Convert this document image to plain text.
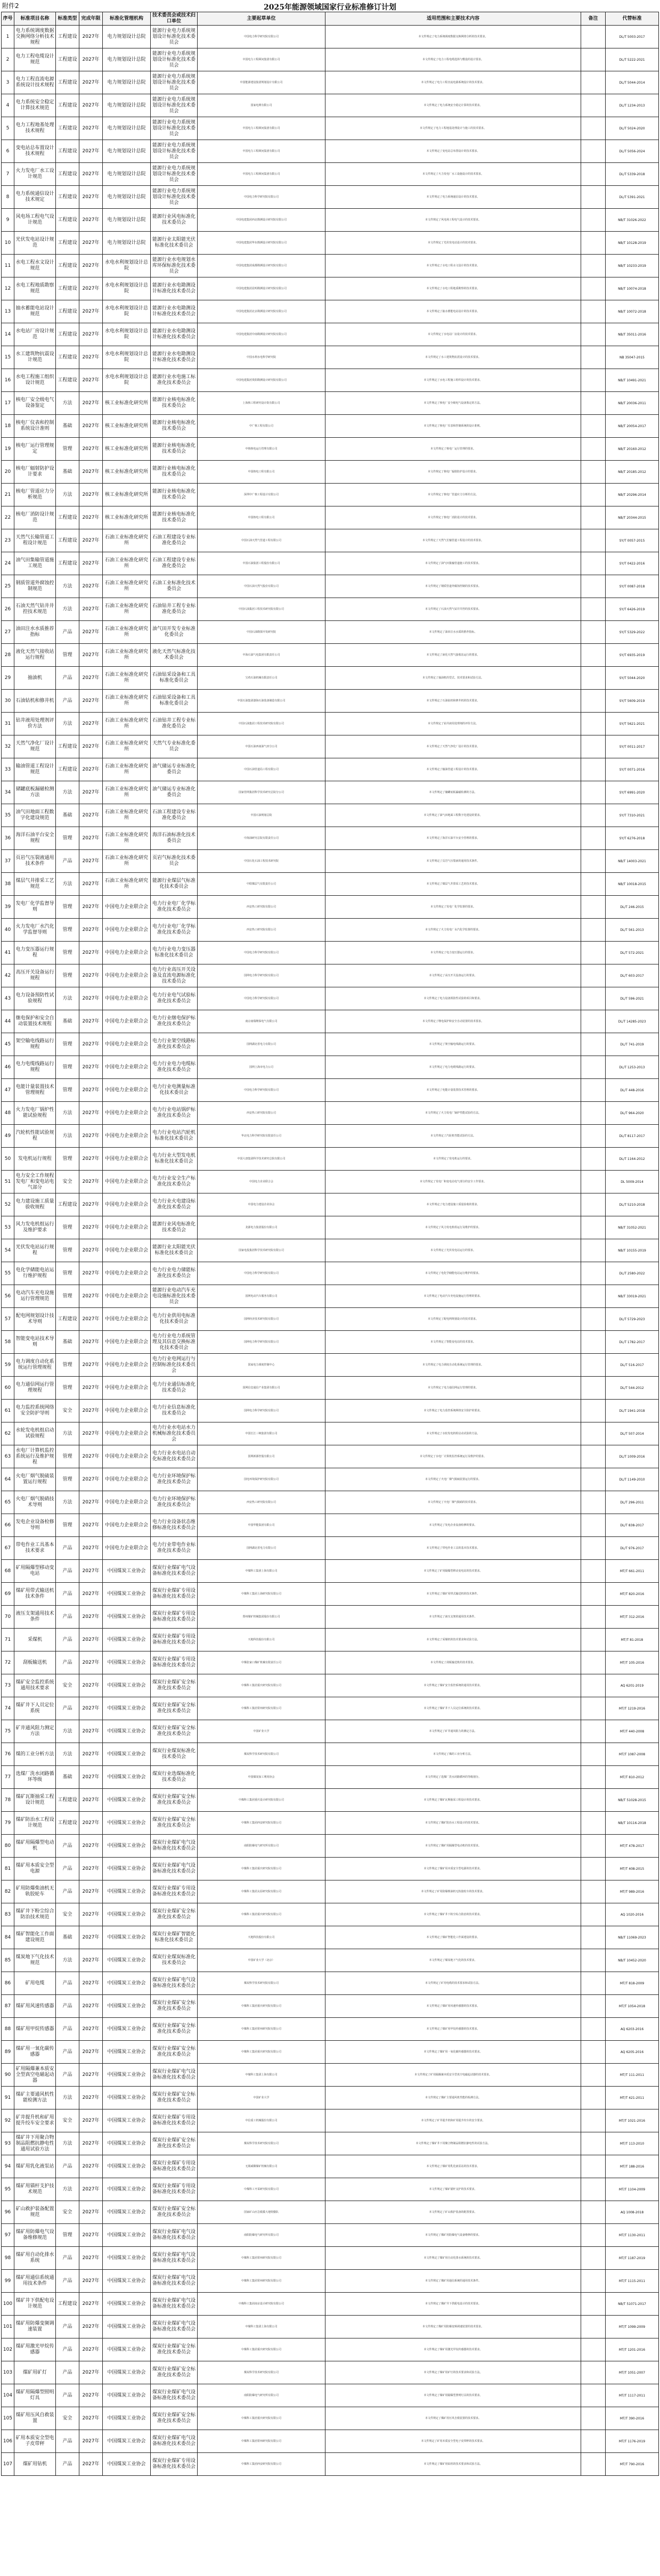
附件2	2025年能源领域国家行业标准修订计划
序号	标准项目名称	标准类型	完成年限	标准化管理机构	技术委员会或技术归口单位	主要起草单位	适用范围和主要技术内容	备注	代替标准
1	电力系统调度数据交换网络分析技术规程	工程建设	2027年	电力规划设计总院	能源行业电力系统规划设计标准化技术委员会	中国电力科学研究院有限公司	本文件规定了电力系统调度数据交换网络分析的技术要求。		DL/T 5003-2017
2	电力工程电缆设计规范	工程建设	2027年	电力规划设计总院	能源行业电力系统规划设计标准化技术委员会	中国电力工程顾问集团有限公司	本文件规定了电力工程电缆选择与敷设的设计要求。		DL/T 5222-2021
3	电力工程直流电源系统设计技术规程	工程建设	2027年	电力规划设计总院	能源行业电力系统规划设计标准化技术委员会	中国能源建设集团规划设计有限公司	本文件规定了电力工程直流电源系统设计的技术要求。		DL/T 5044-2014
4	电力系统安全稳定计算技术规范	工程建设	2027年	电力规划设计总院	能源行业电力系统规划设计标准化技术委员会	国家电网有限公司	本文件规定了电力系统安全稳定计算的技术要求。		DL/T 1234-2013
5	电力工程地基处理技术规程	工程建设	2027年	电力规划设计总院	能源行业电力系统规划设计标准化技术委员会	中国电力工程顾问集团有限公司	本文件规定了电力工程地基处理设计与施工的技术要求。		DL/T 5024-2020
6	变电站总布置设计技术规程	工程建设	2027年	电力规划设计总院	能源行业电力系统规划设计标准化技术委员会	中国电力工程顾问集团有限公司	本文件规定了变电站总布置设计的技术要求。		DL/T 5056-2024
7	火力发电厂水工设计规范	工程建设	2027年	电力规划设计总院	能源行业电力系统规划设计标准化技术委员会	中国电力工程顾问集团有限公司	本文件规定了火力发电厂水工设施设计的技术要求。		DL/T 5339-2018
8	电力系统通信设计技术规定	工程建设	2027年	电力规划设计总院	能源行业电力系统规划设计标准化技术委员会	中国电力科学研究院有限公司	本文件规定了电力系统通信设计的技术要求。		DL/T 5391-2021
9	风电场工程电气设计规范	工程建设	2027年	电力规划设计总院	能源行业风电标准化技术委员会	中国电建集团西北勘测设计研究院有限公司	本文件规定了风电场工程电气设计的技术要求。		NB/T 31026-2022
10	光伏发电站设计规范	工程建设	2027年	电力规划设计总院	能源行业太阳能光伏标准化技术委员会	中国电建集团华东勘测设计研究院有限公司	本文件规定了光伏发电站设计的技术要求。		NB/T 10128-2019
11	水电工程水文设计规范	工程建设	2027年	水电水利规划设计总院	能源行业水电规划水库环保标准化技术委员会	中国电建集团成都勘测设计研究院有限公司	本文件规定了水电工程水文设计的技术要求。		NB/T 10233-2019
12	水电工程地质勘察规范	工程建设	2027年	水电水利规划设计总院	能源行业水电勘测设计标准化技术委员会	中国电建集团昆明勘测设计研究院有限公司	本文件规定了水电工程地质勘察的技术要求。		NB/T 10074-2018
13	抽水蓄能电站设计规范	工程建设	2027年	水电水利规划设计总院	能源行业水电勘测设计标准化技术委员会	中国电建集团北京勘测设计研究院有限公司	本文件规定了抽水蓄能电站设计的技术要求。		NB/T 10072-2018
14	水电站厂房设计规范	工程建设	2027年	水电水利规划设计总院	能源行业水电勘测设计标准化技术委员会	中国电建集团中南勘测设计研究院有限公司	本文件规定了水电站厂房设计的技术要求。		NB/T 35011-2016
15	水工建筑物抗震设计规范	工程建设	2027年	水电水利规划设计总院	能源行业水电勘测设计标准化技术委员会	中国水利水电科学研究院	本文件规定了水工建筑物抗震设计的技术要求。		NB 35047-2015
16	水电工程施工组织设计规范	工程建设	2027年	水电水利规划设计总院	能源行业水电施工标准化技术委员会	中国电建集团贵阳勘测设计研究院有限公司	本文件规定了水电工程施工组织设计的技术要求。		NB/T 10491-2021
17	核电厂安全级电气设备鉴定	方法	2027年	核工业标准化研究所	能源行业核电标准化技术委员会	上海核工程研究设计院有限公司	本文件规定了核电厂安全级电气设备鉴定的方法。		NB/T 20036-2011
18	核电厂仪表和控制系统设计准则	基础	2027年	核工业标准化研究所	能源行业核电标准化技术委员会	中广核工程有限公司	本文件规定了核电厂仪表和控制系统的设计准则。		NB/T 20054-2017
19	核电厂运行管理规定	管理	2027年	核工业标准化研究所	能源行业核电标准化技术委员会	中核核电运行管理有限公司	本文件规定了核电厂运行管理的要求。		NB/T 20160-2012
20	核电厂辐射防护设计要求	基础	2027年	核工业标准化研究所	能源行业核电标准化技术委员会	中国核电工程有限公司	本文件规定了核电厂辐射防护设计的要求。		NB/T 20185-2012
21	核电厂管道应力分析规范	方法	2027年	核工业标准化研究所	能源行业核电标准化技术委员会	深圳中广核工程设计有限公司	本文件规定了核电厂管道应力分析的方法。		NB/T 20296-2014
22	核电厂消防设计规范	工程建设	2027年	核工业标准化研究所	能源行业核电标准化技术委员会	中国核电工程有限公司	本文件规定了核电厂消防设计的技术要求。		NB/T 20344-2015
23	天然气长输管道工程设计规范	工程建设	2027年	石油工业标准化研究所	石油工程建设专业标准化委员会	中国石油天然气管道工程有限公司	本文件规定了天然气长输管道工程设计的技术要求。		SY/T 0057-2015
24	油气田集输管道施工规范	工程建设	2027年	石油工业标准化研究所	石油工程建设专业标准化委员会	中国石油集团工程股份有限公司	本文件规定了油气田集输管道施工的技术要求。		SY/T 0422-2016
25	钢质管道外腐蚀控制规范	方法	2027年	石油工业标准化研究所	石油工业标准化技术委员会	中国石油天然气股份有限公司	本文件规定了钢质管道外腐蚀控制的技术要求。		SY/T 0087-2018
26	石油天然气钻井井控技术规范	方法	2027年	石油工业标准化研究所	石油钻井工程专业标准化委员会	中国石油集团工程技术研究院有限公司	本文件规定了石油天然气钻井井控的技术要求。		SY/T 6426-2019
27	油田注水水质推荐指标	产品	2027年	石油工业标准化研究所	油气田开发专业标准化委员会	中国石油勘探开发研究院	本文件规定了油田注水水质的推荐指标。		SY/T 5329-2022
28	液化天然气接收站运行规程	管理	2027年	石油工业标准化研究所	液化天然气标准化技术委员会	中海石油气电集团有限责任公司	本文件规定了液化天然气接收站运行的要求。		SY/T 6935-2019
29	抽油机	产品	2027年	石油工业标准化研究所	石油钻采设备和工具标准化委员会	宝鸡石油机械有限责任公司	本文件规定了抽油机的型式、技术要求和试验方法。		SY/T 5044-2020
30	石油钻机和修井机	产品	2027年	石油工业标准化研究所	石油钻采设备和工具标准化委员会	中国石油集团渤海石油装备制造有限公司	本文件规定了石油钻机和修井机的技术要求。		SY/T 5609-2019
31	钻井液用处理剂评价方法	方法	2027年	石油工业标准化研究所	石油钻井工程专业标准化委员会	中国石油集团工程技术研究院有限公司	本文件规定了钻井液用处理剂的评价方法。		SY/T 5621-2021
32	天然气净化厂设计规范	工程建设	2027年	石油工业标准化研究所	天然气专业标准化委员会	中国石油西南油气田分公司	本文件规定了天然气净化厂设计的技术要求。		SY/T 0011-2017
33	输油管道工程设计规范	工程建设	2027年	石油工业标准化研究所	油气储运专业标准化委员会	中国石油管道局工程有限公司	本文件规定了输油管道工程设计的技术要求。		SY/T 0071-2016
34	储罐底板漏磁检测方法	方法	2027年	石油工业标准化研究所	油气储运专业标准化委员会	国家管网集团科学技术研究总院分公司	本文件规定了储罐底板漏磁检测的方法。		SY/T 6991-2020
35	油气田地面工程数字化建设规范	基础	2027年	石油工业标准化研究所	石油工程建设专业标准化委员会	中国石油规划总院	本文件规定了油气田地面工程数字化建设的要求。		SY/T 7310-2021
36	海洋石油平台安全规程	管理	2027年	石油工业标准化研究所	海洋石油标准化技术委员会	中海油研究总院有限责任公司	本文件规定了海洋石油平台安全管理的要求。		SY/T 6276-2018
37	页岩气压裂液通用技术条件	产品	2027年	石油工业标准化研究所	页岩气标准化技术委员会	中国石化石油工程技术研究院	本文件规定了页岩气压裂液的通用技术条件。		NB/T 14003-2021
38	煤层气井排采工艺规范	方法	2027年	石油工业标准化研究所	能源行业煤层气标准化技术委员会	中联煤层气有限责任公司	本文件规定了煤层气井排采工艺的技术要求。		NB/T 10018-2015
39	发电厂化学监督导则	管理	2027年	中国电力企业联合会	电力行业电厂化学标准化技术委员会	西安热工研究院有限公司	本文件规定了发电厂化学监督的要求。		DL/T 246-2015
40	火力发电厂水汽化学监督导则	管理	2027年	中国电力企业联合会	电力行业电厂化学标准化技术委员会	西安热工研究院有限公司	本文件规定了火力发电厂水汽化学监督的要求。		DL/T 561-2013
41	电力变压器运行规程	管理	2027年	中国电力企业联合会	电力行业电力变压器标准化技术委员会	中国电力科学研究院有限公司	本文件规定了电力变压器运行的要求。		DL/T 572-2021
42	高压开关设备运行规程	管理	2027年	中国电力企业联合会	电力行业高压开关设备及直流电源标准化技术委员会	国网电力科学研究院有限公司	本文件规定了高压开关设备运行的要求。		DL/T 603-2017
43	电力设备预防性试验规程	方法	2027年	中国电力企业联合会	电力行业电气试验标准化技术委员会	中国电力科学研究院有限公司	本文件规定了电力设备预防性试验的项目和要求。		DL/T 596-2021
44	继电保护和安全自动装置技术规程	基础	2027年	中国电力企业联合会	电力行业继电保护标准化技术委员会	南京南瑞继保电气有限公司	本文件规定了继电保护和安全自动装置的技术要求。		DL/T 14285-2023
45	架空输电线路运行规程	管理	2027年	中国电力企业联合会	电力行业架空线路标准化技术委员会	国网湖北省电力有限公司	本文件规定了架空输电线路运行的要求。		DL/T 741-2019
46	电力电缆线路运行规程	管理	2027年	中国电力企业联合会	电力行业电力电缆标准化技术委员会	国网上海市电力公司	本文件规定了电力电缆线路运行的要求。		DL/T 1253-2013
47	电能计量装置技术管理规程	管理	2027年	中国电力企业联合会	电力行业电测量标准化技术委员会	中国电力科学研究院有限公司	本文件规定了电能计量装置技术管理的要求。		DL/T 448-2016
48	火力发电厂锅炉性能试验规程	方法	2027年	中国电力企业联合会	电力行业电站锅炉标准化技术委员会	西安热工研究院有限公司	本文件规定了火力发电厂锅炉性能试验的方法。		DL/T 964-2020
49	汽轮机性能试验规程	方法	2027年	中国电力企业联合会	电力行业电站汽轮机标准化技术委员会	华北电力科学研究院有限责任公司	本文件规定了汽轮机性能试验的方法。		DL/T 8117-2017
50	发电机运行规程	管理	2027年	中国电力企业联合会	电力行业大型发电机标准化技术委员会	中国大唐集团科学技术研究总院有限公司	本文件规定了发电机运行的要求。		DL/T 1164-2012
51	电力安全工作规程 发电厂和变电站电气部分	安全	2027年	中国电力企业联合会	电力行业安全生产标准化技术委员会	中国电力企业联合会	本文件规定了发电厂和变电站电气部分的安全工作要求。		DL 5009-2014
52	电力建设施工质量验收规程	工程建设	2027年	中国电力企业联合会	电力行业火电建设标准化技术委员会	中国电力建设企业协会	本文件规定了电力建设施工质量验收的要求。		DL/T 5210-2018
53	风力发电机组运行及维护要求	管理	2027年	中国电力企业联合会	能源行业风电标准化技术委员会	龙源电力集团股份有限公司	本文件规定了风力发电机组运行及维护的要求。		NB/T 31052-2021
54	光伏发电站运行规程	管理	2027年	中国电力企业联合会	能源行业太阳能光伏标准化技术委员会	国家电投集团科学技术研究院有限公司	本文件规定了光伏发电站运行的要求。		NB/T 10155-2019
55	电化学储能电站运行维护规程	管理	2027年	中国电力企业联合会	电力行业电力储能标准化技术委员会	中国电力科学研究院有限公司	本文件规定了电化学储能电站运行维护的要求。		DL/T 2580-2022
56	电动汽车充电设施运行管理规范	管理	2027年	中国电力企业联合会	能源行业电动汽车充电设施标准化技术委员会	国网电动汽车服务有限公司	本文件规定了电动汽车充电设施运行管理的要求。		NB/T 33019-2021
57	配电网规划设计技术导则	工程建设	2027年	中国电力企业联合会	电力行业供用电标准化技术委员会	国网经济技术研究院有限公司	本文件规定了配电网规划设计的技术要求。		DL/T 5729-2023
58	智能变电站技术导则	基础	2027年	中国电力企业联合会	电力行业电力系统管理及其信息交换标准化技术委员会	国网电力科学研究院有限公司	本文件规定了智能变电站的技术要求。		DL/T 1782-2017
59	电力调度自动化系统运行管理规程	管理	2027年	中国电力企业联合会	电力行业电网运行与控制标准化技术委员会	国家电力调度控制中心	本文件规定了电力调度自动化系统运行管理的要求。		DL/T 516-2017
60	电力通信网运行管理规程	管理	2027年	中国电力企业联合会	电力行业通信标准化技术委员会	国网信息通信产业集团有限公司	本文件规定了电力通信网运行管理的要求。		DL/T 544-2012
61	电力监控系统网络安全防护导则	安全	2027年	中国电力企业联合会	电力行业信息标准化技术委员会	国网电力科学研究院有限公司	本文件规定了电力监控系统网络安全防护的要求。		DL/T 1941-2018
62	水轮发电机组启动试验规程	方法	2027年	中国电力企业联合会	电力行业水电站水力机械标准化技术委员会	中国长江三峡集团有限公司	本文件规定了水轮发电机组启动试验的方法。		DL/T 507-2014
63	水电厂计算机监控系统运行及维护规程	管理	2027年	中国电力企业联合会	电力行业水电站自动化标准化技术委员会	国网新源控股有限公司	本文件规定了水电厂计算机监控系统运行及维护的要求。		DL/T 1009-2016
64	火电厂烟气脱硫装置运行规程	管理	2027年	中国电力企业联合会	电力行业环境保护标准化技术委员会	国电环境保护研究院有限公司	本文件规定了火电厂烟气脱硫装置运行的要求。		DL/T 1149-2010
65	火电厂烟气脱硝技术导则	方法	2027年	中国电力企业联合会	电力行业环境保护标准化技术委员会	西安热工研究院有限公司	本文件规定了火电厂烟气脱硝的技术要求。		DL/T 296-2011
66	发电企业设备检修导则	管理	2027年	中国电力企业联合会	电力行业设备状态维修标准化技术委员会	中国华能集团有限公司	本文件规定了发电企业设备检修的要求。		DL/T 838-2017
67	带电作业工具基本技术要求	产品	2027年	中国电力企业联合会	电力行业带电作业标准化技术委员会	国网湖北省电力有限公司	本文件规定了带电作业工具的基本技术要求。		DL/T 976-2017
68	矿用隔爆型移动变电站	产品	2027年	中国煤炭工业协会	煤炭行业煤矿电气设备标准化技术委员会	中煤科工集团上海有限公司	本文件规定了矿用隔爆型移动变电站的技术要求。		MT/T 661-2011
69	煤矿用带式输送机技术条件	产品	2027年	中国煤炭工业协会	煤炭行业煤矿专用设备标准化技术委员会	中煤科工集团上海研究院有限公司	本文件规定了煤矿用带式输送机的技术条件。		MT/T 820-2016
70	液压支架通用技术条件	产品	2027年	中国煤炭工业协会	煤炭行业煤矿专用设备标准化技术委员会	郑州煤矿机械集团股份有限公司	本文件规定了液压支架的通用技术条件。		MT/T 312-2016
71	采煤机	产品	2027年	中国煤炭工业协会	煤炭行业煤矿专用设备标准化技术委员会	天地科技股份有限公司	本文件规定了采煤机的技术要求和试验方法。		MT/T 81-2018
72	刮板输送机	产品	2027年	中国煤炭工业协会	煤炭行业煤矿专用设备标准化技术委员会	中煤张家口煤矿机械有限责任公司	本文件规定了刮板输送机的技术要求。		MT/T 105-2016
73	煤矿安全监控系统通用技术要求	安全	2027年	中国煤炭工业协会	煤炭行业煤矿安全标准化技术委员会	中煤科工集团重庆研究院有限公司	本文件规定了煤矿安全监控系统的通用技术要求。		AQ 6201-2019
74	煤矿井下人员定位系统	产品	2027年	中国煤炭工业协会	煤炭行业煤矿安全标准化技术委员会	中煤科工集团常州研究院有限公司	本文件规定了煤矿井下人员定位系统的技术要求。		MT/T 1219-2016
75	矿井通风阻力测定方法	方法	2027年	中国煤炭工业协会	煤炭行业煤矿安全标准化技术委员会	中国矿业大学	本文件规定了矿井通风阻力的测定方法。		MT/T 440-2008
76	煤的工业分析方法	方法	2027年	中国煤炭工业协会	煤炭行业煤炭标准化技术委员会	煤炭科学技术研究院有限公司	本文件规定了煤的工业分析方法。		MT/T 1087-2008
77	选煤厂洗水闭路循环等级	基础	2027年	中国煤炭工业协会	煤炭行业选煤标准化技术委员会	中国煤炭加工利用协会	本文件规定了选煤厂洗水闭路循环的等级划分。		MT/T 810-2012
78	煤矿瓦斯抽采工程设计规范	工程建设	2027年	中国煤炭工业协会	煤炭行业煤矿安全标准化技术委员会	中煤科工集团重庆设计研究院有限公司	本文件规定了煤矿瓦斯抽采工程设计的技术要求。		NB/T 51028-2015
79	煤矿防治水工程设计规范	工程建设	2027年	中国煤炭工业协会	煤炭行业煤矿安全标准化技术委员会	中煤科工集团西安研究院有限公司	本文件规定了煤矿防治水工程设计的技术要求。		NB/T 10116-2018
80	煤矿用隔爆型电动机	产品	2027年	中国煤炭工业协会	煤炭行业煤矿电气设备标准化技术委员会	南阳防爆电气研究所有限公司	本文件规定了煤矿用隔爆型电动机的技术要求。		MT/T 478-2017
81	煤矿用本质安全型电源	产品	2027年	中国煤炭工业协会	煤炭行业煤矿电气设备标准化技术委员会	中煤科工集团重庆研究院有限公司	本文件规定了煤矿用本质安全型电源的技术要求。		MT/T 408-2015
82	矿用防爆柴油机无轨胶轮车	产品	2027年	中国煤炭工业协会	煤炭行业煤矿专用设备标准化技术委员会	中煤科工集团太原研究院有限公司	本文件规定了矿用防爆柴油机无轨胶轮车的技术要求。		MT/T 989-2016
83	煤矿井下粉尘综合防治技术规范	安全	2027年	中国煤炭工业协会	煤炭行业煤矿安全标准化技术委员会	中煤科工集团重庆研究院有限公司	本文件规定了煤矿井下粉尘综合防治的技术要求。		AQ 1020-2016
84	煤矿智能化工作面建设规范	基础	2027年	中国煤炭工业协会	煤炭行业煤矿智能化标准化技术委员会	天地科技股份有限公司	本文件规定了煤矿智能化工作面建设的要求。		NB/T 11069-2023
85	煤炭地下气化技术规范	方法	2027年	中国煤炭工业协会	煤炭行业煤炭标准化技术委员会	中国矿业大学（北京）	本文件规定了煤炭地下气化的技术要求。		NB/T 10452-2020
86	矿用电缆	产品	2027年	中国煤炭工业协会	煤炭行业煤矿电气设备标准化技术委员会	煤炭科学技术研究院有限公司	本文件规定了矿用电缆的技术要求和试验方法。		MT/T 818-2009
87	煤矿用风速传感器	产品	2027年	中国煤炭工业协会	煤炭行业煤矿安全标准化技术委员会	中煤科工集团重庆研究院有限公司	本文件规定了煤矿用风速传感器的技术要求。		MT/T 1054-2018
88	煤矿用甲烷传感器	产品	2027年	中国煤炭工业协会	煤炭行业煤矿安全标准化技术委员会	中煤科工集团常州研究院有限公司	本文件规定了煤矿用甲烷传感器的技术要求。		AQ 6203-2016
89	煤矿用一氧化碳传感器	产品	2027年	中国煤炭工业协会	煤炭行业煤矿安全标准化技术委员会	中煤科工集团重庆研究院有限公司	本文件规定了煤矿用一氧化碳传感器的技术要求。		AQ 6205-2016
90	矿用隔爆兼本质安全型真空电磁起动器	产品	2027年	中国煤炭工业协会	煤炭行业煤矿电气设备标准化技术委员会	中煤科工集团上海有限公司	本文件规定了矿用隔爆兼本质安全型真空电磁起动器的技术要求。		MT/T 111-2011
91	煤矿主要通风机性能检测方法	方法	2027年	中国煤炭工业协会	煤炭行业煤矿安全标准化技术委员会	中国矿业大学	本文件规定了煤矿主要通风机性能的检测方法。		MT/T 421-2011
92	矿井提升机和矿用提升绞车安全要求	安全	2027年	中国煤炭工业协会	煤炭行业煤矿专用设备标准化技术委员会	中信重工机械股份有限公司	本文件规定了矿井提升机和矿用提升绞车的安全要求。		MT/T 1021-2016
93	煤矿井下用聚合物制品阻燃抗静电性通用试验方法	方法	2027年	中国煤炭工业协会	煤炭行业煤矿安全标准化技术委员会	煤炭科学技术研究院有限公司	本文件规定了煤矿井下用聚合物制品阻燃抗静电性的试验方法。		MT/T 113-2010
94	煤矿用乳化液泵站	产品	2027年	中国煤炭工业协会	煤炭行业煤矿专用设备标准化技术委员会	无锡威顺煤矿机械有限公司	本文件规定了煤矿用乳化液泵站的技术要求。		MT/T 188-2016
95	煤矿用锚杆支护技术规范	方法	2027年	中国煤炭工业协会	煤炭行业煤矿专用设备标准化技术委员会	中煤科工开采研究院有限公司	本文件规定了煤矿锚杆支护的技术要求。		MT/T 1104-2009
96	矿山救护装备配置规范	安全	2027年	中国煤炭工业协会	煤炭行业煤矿安全标准化技术委员会	国家矿山应急救援大地特勤队	本文件规定了矿山救护装备的配置要求。		AQ 1008-2018
97	煤矿用防爆电气设备维修规范	管理	2027年	中国煤炭工业协会	煤炭行业煤矿电气设备标准化技术委员会	南阳防爆电气研究所有限公司	本文件规定了煤矿用防爆电气设备维修的要求。		MT/T 1130-2011
98	煤矿用自动化排水系统	产品	2027年	中国煤炭工业协会	煤炭行业煤矿电气设备标准化技术委员会	中煤科工集团常州研究院有限公司	本文件规定了煤矿用自动化排水系统的技术要求。		MT/T 1187-2019
99	煤矿用通信系统通用技术条件	产品	2027年	中国煤炭工业协会	煤炭行业煤矿电气设备标准化技术委员会	中煤科工集团常州研究院有限公司	本文件规定了煤矿用通信系统的通用技术条件。		MT/T 1115-2011
100	煤矿井下供配电设计规范	工程建设	2027年	中国煤炭工业协会	煤炭行业煤矿电气设备标准化技术委员会	中煤科工集团南京设计研究院有限公司	本文件规定了煤矿井下供配电设计的技术要求。		NB/T 51071-2017
101	煤矿用防爆变频调速装置	产品	2027年	中国煤炭工业协会	煤炭行业煤矿电气设备标准化技术委员会	中煤科工集团上海有限公司	本文件规定了煤矿用防爆变频调速装置的技术要求。		MT/T 1099-2009
102	煤矿用激光甲烷传感器	产品	2027年	中国煤炭工业协会	煤炭行业煤矿安全标准化技术委员会	中煤科工集团重庆研究院有限公司	本文件规定了煤矿用激光甲烷传感器的技术要求。		MT/T 1201-2016
103	煤矿用矿灯	产品	2027年	中国煤炭工业协会	煤炭行业煤矿安全标准化技术委员会	煤炭科学技术研究院有限公司	本文件规定了煤矿用矿灯的技术要求和试验方法。		MT/T 1051-2007
104	煤矿用隔爆型照明灯具	产品	2027年	中国煤炭工业协会	煤炭行业煤矿电气设备标准化技术委员会	南阳防爆电气研究所有限公司	本文件规定了煤矿用隔爆型照明灯具的技术要求。		MT/T 1117-2011
105	煤矿用压风自救装置	安全	2027年	中国煤炭工业协会	煤炭行业煤矿安全标准化技术委员会	中煤科工集团重庆研究院有限公司	本文件规定了煤矿用压风自救装置的技术要求。		MT/T 390-2016
106	矿用本质安全型电子皮带秤	产品	2027年	中国煤炭工业协会	煤炭行业煤矿电气设备标准化技术委员会	中煤科工集团常州研究院有限公司	本文件规定了矿用本质安全型电子皮带秤的技术要求。		MT/T 1176-2019
107	煤矿用钻机	产品	2027年	中国煤炭工业协会	煤炭行业煤矿专用设备标准化技术委员会	中煤科工集团西安研究院有限公司	本文件规定了煤矿用钻机的技术要求和试验方法。		MT/T 790-2016
